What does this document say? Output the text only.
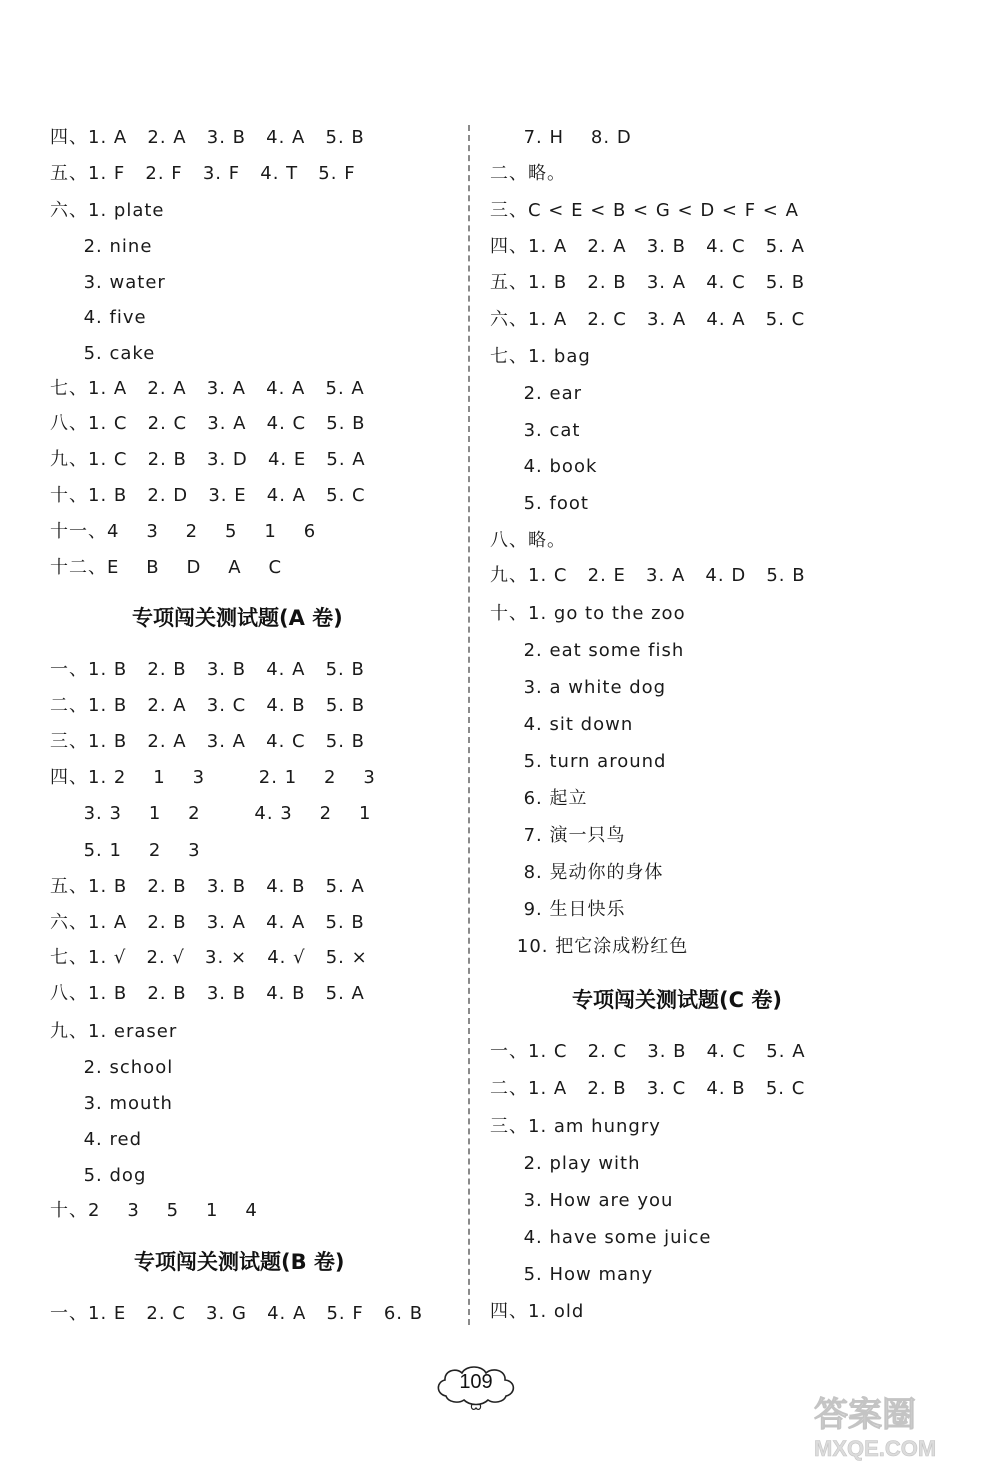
四、1. A   2. A   3. B   4. A   5. B
五、1. F   2. F   3. F   4. T   5. F
六、1. plate
2. nine
3. water
4. five
5. cake
七、1. A   2. A   3. A   4. A   5. A
八、1. C   2. C   3. A   4. C   5. B
九、1. C   2. B   3. D   4. E   5. A
十、1. B   2. D   3. E   4. A   5. C
十一、4    3    2    5    1    6
十二、E    B    D    A    C
专项闯关测试题(A 卷)
一、1. B   2. B   3. B   4. A   5. B
二、1. B   2. A   3. C   4. B   5. B
三、1. B   2. A   3. A   4. C   5. B
四、1. 2    1    3        2. 1    2    3
3. 3    1    2        4. 3    2    1
5. 1    2    3
五、1. B   2. B   3. B   4. B   5. A
六、1. A   2. B   3. A   4. A   5. B
七、1. √   2. √   3. ×   4. √   5. ×
八、1. B   2. B   3. B   4. B   5. A
九、1. eraser
2. school
3. mouth
4. red
5. dog
十、2    3    5    1    4
专项闯关测试题(B 卷)
一、1. E   2. C   3. G   4. A   5. F   6. B
7. H    8. D
二、略。
三、C < E < B < G < D < F < A
四、1. A   2. A   3. B   4. C   5. A
五、1. B   2. B   3. A   4. C   5. B
六、1. A   2. C   3. A   4. A   5. C
七、1. bag
2. ear
3. cat
4. book
5. foot
八、略。
九、1. C   2. E   3. A   4. D   5. B
十、1. go to the zoo
2. eat some fish
3. a white dog
4. sit down
5. turn around
6. 起立
7. 演一只鸟
8. 晃动你的身体
9. 生日快乐
10. 把它涂成粉红色
专项闯关测试题(C 卷)
一、1. C   2. C   3. B   4. C   5. A
二、1. A   2. B   3. C   4. B   5. C
三、1. am hungry
2. play with
3. How are you
4. have some juice
5. How many
四、1. old
109
答案圈
MXQE.COM
